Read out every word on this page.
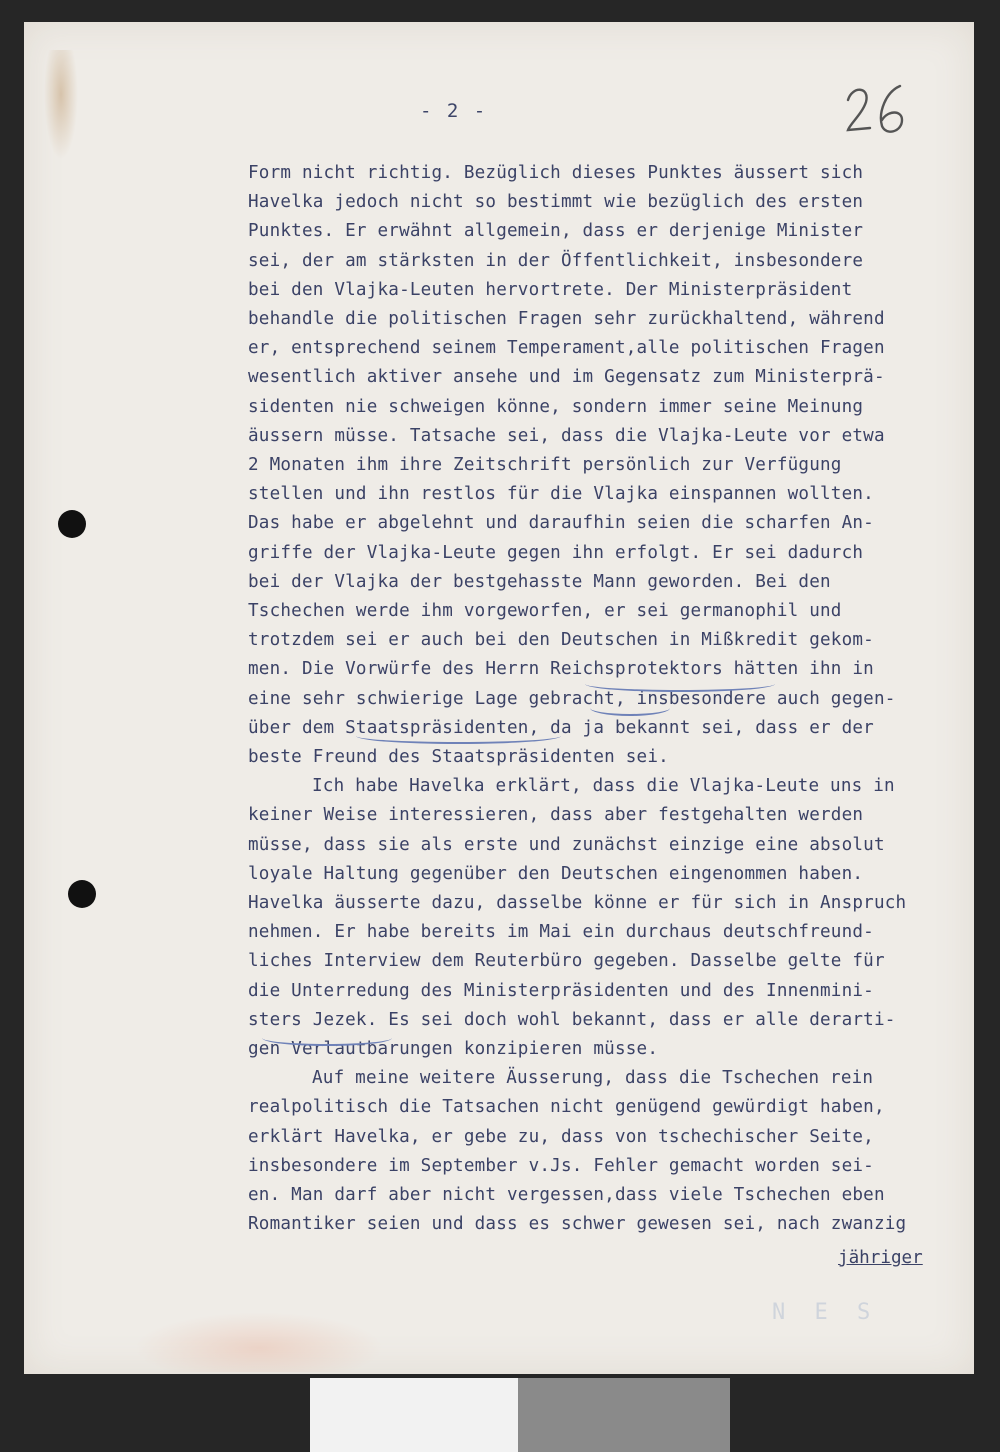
- 2 -
Form nicht richtig. Bezüglich dieses Punktes äussert sich
Havelka jedoch nicht so bestimmt wie bezüglich des ersten
Punktes. Er erwähnt allgemein, dass er derjenige Minister
sei, der am stärksten in der Öffentlichkeit, insbesondere
bei den Vlajka-Leuten hervortrete. Der Ministerpräsident
behandle die politischen Fragen sehr zurückhaltend, während
er, entsprechend seinem Temperament,alle politischen Fragen
wesentlich aktiver ansehe und im Gegensatz zum Ministerprä-
sidenten nie schweigen könne, sondern immer seine Meinung
äussern müsse. Tatsache sei, dass die Vlajka-Leute vor etwa
2 Monaten ihm ihre Zeitschrift persönlich zur Verfügung
stellen und ihn restlos für die Vlajka einspannen wollten.
Das habe er abgelehnt und daraufhin seien die scharfen An-
griffe der Vlajka-Leute gegen ihn erfolgt. Er sei dadurch
bei der Vlajka der bestgehasste Mann geworden. Bei den
Tschechen werde ihm vorgeworfen, er sei germanophil und
trotzdem sei er auch bei den Deutschen in Mißkredit gekom-
men. Die Vorwürfe des Herrn Reichsprotektors hätten ihn in
eine sehr schwierige Lage gebracht, insbesondere auch gegen-
über dem Staatspräsidenten, da ja bekannt sei, dass er der
beste Freund des Staatspräsidenten sei.
Ich habe Havelka erklärt, dass die Vlajka-Leute uns in
keiner Weise interessieren, dass aber festgehalten werden
müsse, dass sie als erste und zunächst einzige eine absolut
loyale Haltung gegenüber den Deutschen eingenommen haben.
Havelka äusserte dazu, dasselbe könne er für sich in Anspruch
nehmen. Er habe bereits im Mai ein durchaus deutschfreund-
liches Interview dem Reuterbüro gegeben. Dasselbe gelte für
die Unterredung des Ministerpräsidenten und des Innenmini-
sters Jezek. Es sei doch wohl bekannt, dass er alle derarti-
gen Verlautbarungen konzipieren müsse.
Auf meine weitere Äusserung, dass die Tschechen rein
realpolitisch die Tatsachen nicht genügend gewürdigt haben,
erklärt Havelka, er gebe zu, dass von tschechischer Seite,
insbesondere im September v.Js. Fehler gemacht worden sei-
en. Man darf aber nicht vergessen,dass viele Tschechen eben
Romantiker seien und dass es schwer gewesen sei, nach zwanzig
jähriger
N E S
